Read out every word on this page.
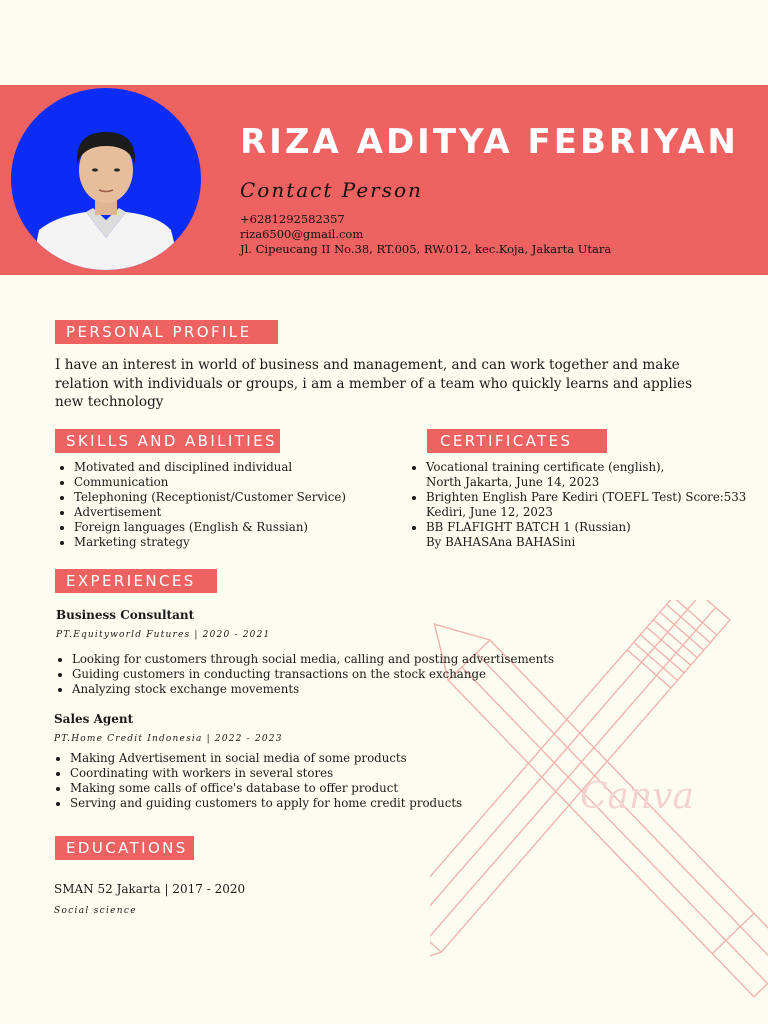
RIZA ADITYA FEBRIYAN
Contact Person
+6281292582357
riza6500@gmail.com
Jl. Cipeucang II No.38, RT.005, RW.012, kec.Koja, Jakarta Utara
Canva
PERSONAL PROFILE
I have an interest in world of business and management, and can work together and make relation with individuals or groups, i am a member of a team who quickly learns and applies new technology
SKILLS AND ABILITIES
• Motivated and disciplined individual
• Communication
• Telephoning (Receptionist/Customer Service)
• Advertisement
• Foreign languages (English & Russian)
• Marketing strategy
CERTIFICATES
• Vocational training certificate (english),
North Jakarta, June 14, 2023
• Brighten English Pare Kediri (TOEFL Test) Score:533
Kediri, June 12, 2023
• BB FLAFIGHT BATCH 1 (Russian)
By BAHASAna BAHASini
EXPERIENCES
Business Consultant
PT.Equityworld Futures | 2020 - 2021
• Looking for customers through social media, calling and posting advertisements
• Guiding customers in conducting transactions on the stock exchange
• Analyzing stock exchange movements
Sales Agent
PT.Home Credit Indonesia | 2022 - 2023
• Making Advertisement in social media of some products
• Coordinating with workers in several stores
• Making some calls of office's database to offer product
• Serving and guiding customers to apply for home credit products
EDUCATIONS
SMAN 52 Jakarta | 2017 - 2020
Social science
